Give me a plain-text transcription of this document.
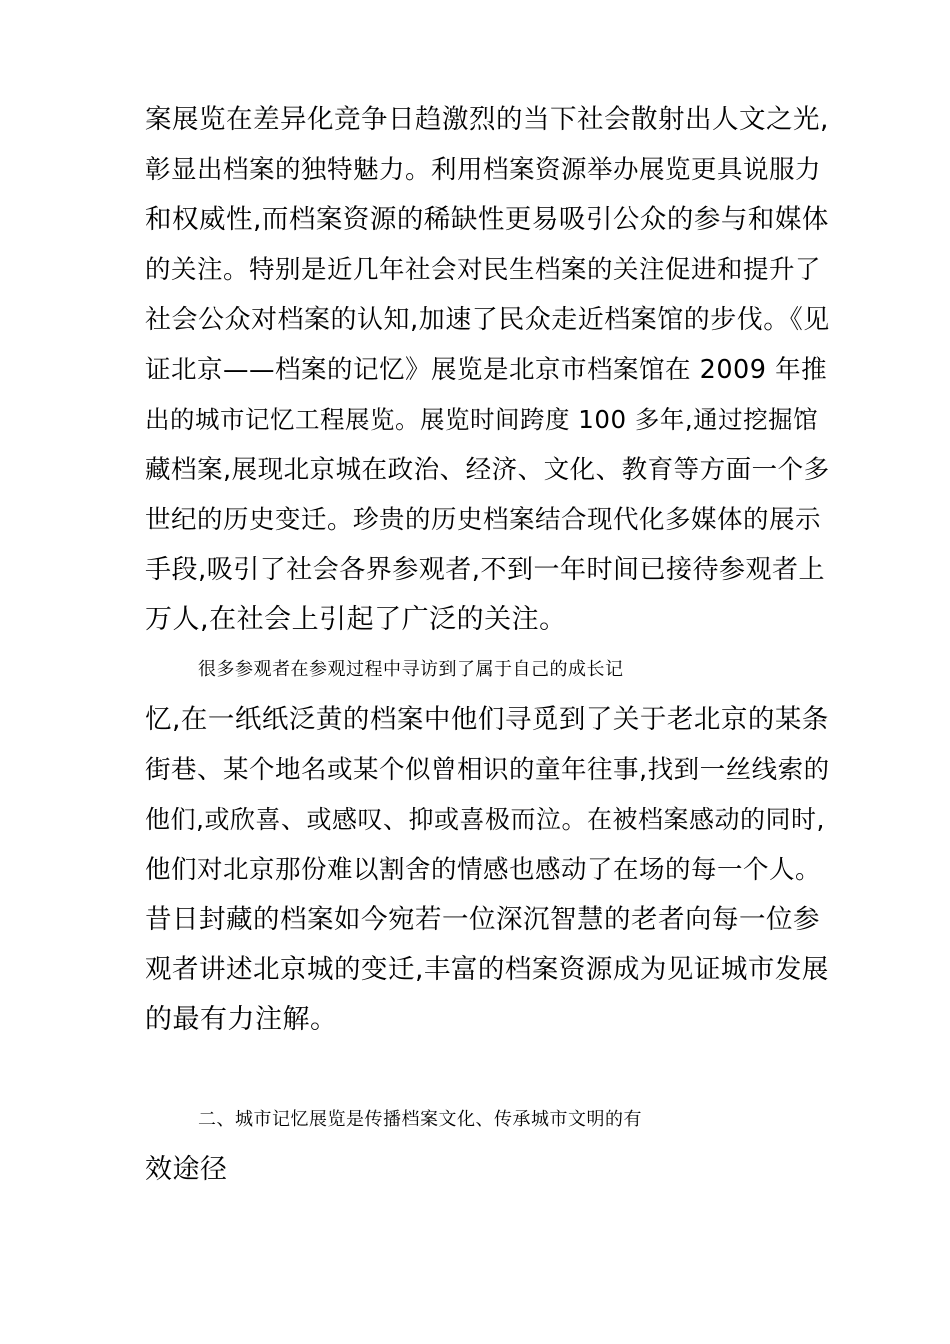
案展览在差异化竞争日趋激烈的当下社会散射出人文之光,
彰显出档案的独特魅力。利用档案资源举办展览更具说服力
和权威性,而档案资源的稀缺性更易吸引公众的参与和媒体
的关注。特别是近几年社会对民生档案的关注促进和提升了
社会公众对档案的认知,加速了民众走近档案馆的步伐。《见
证北京——档案的记忆》展览是北京市档案馆在 2009 年推
出的城市记忆工程展览。展览时间跨度 100 多年,通过挖掘馆
藏档案,展现北京城在政治、经济、文化、教育等方面一个多
世纪的历史变迁。珍贵的历史档案结合现代化多媒体的展示
手段,吸引了社会各界参观者,不到一年时间已接待参观者上
万人,在社会上引起了广泛的关注。
很多参观者在参观过程中寻访到了属于自己的成长记
忆,在一纸纸泛黄的档案中他们寻觅到了关于老北京的某条
街巷、某个地名或某个似曾相识的童年往事,找到一丝线索的
他们,或欣喜、或感叹、抑或喜极而泣。在被档案感动的同时,
他们对北京那份难以割舍的情感也感动了在场的每一个人。
昔日封藏的档案如今宛若一位深沉智慧的老者向每一位参
观者讲述北京城的变迁,丰富的档案资源成为见证城市发展
的最有力注解。
二、城市记忆展览是传播档案文化、传承城市文明的有
效途径
